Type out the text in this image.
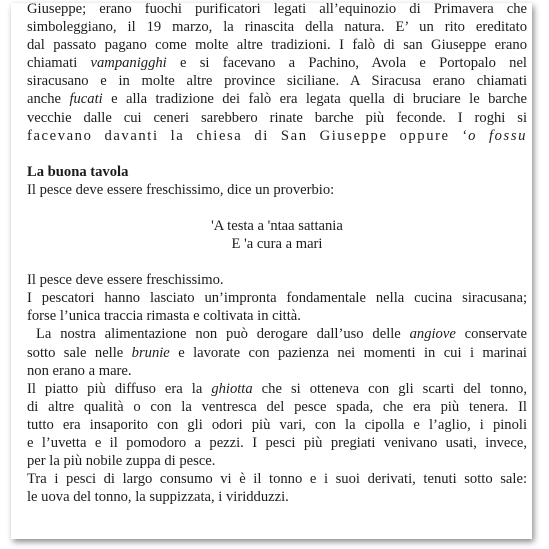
Giuseppe; erano fuochi purificatori legati all’equinozio di Primavera che
simboleggiano, il 19 marzo, la rinascita della natura. E’ un rito ereditato
dal passato pagano come molte altre tradizioni. I falò di san Giuseppe erano
chiamati vampanigghi e si facevano a Pachino, Avola e Portopalo nel
siracusano e in molte altre province siciliane. A Siracusa erano chiamati
anche fucati e alla tradizione dei falò era legata quella di bruciare le barche
vecchie dalle cui ceneri sarebbero rinate barche più feconde. I roghi si
facevano davanti la chiesa di San Giuseppe oppure ‘o fossu
La buona tavola
Il pesce deve essere freschissimo, dice un proverbio:
'A testa a 'ntaa sattania
E 'a cura a mari
Il pesce deve essere freschissimo.
I pescatori hanno lasciato un’impronta fondamentale nella cucina siracusana;
forse l’unica traccia rimasta e coltivata in città.
La nostra alimentazione non può derogare dall’uso delle angiove conservate
sotto sale nelle brunie e lavorate con pazienza nei momenti in cui i marinai
non erano a mare.
Il piatto più diffuso era la ghiotta che si otteneva con gli scarti del tonno,
di altre qualità o con la ventresca del pesce spada, che era più tenera. Il
tutto era insaporito con gli odori più vari, con la cipolla e l’aglio, i pinoli
e l’uvetta e il pomodoro a pezzi. I pesci più pregiati venivano usati, invece,
per la più nobile zuppa di pesce.
Tra i pesci di largo consumo vi è il tonno e i suoi derivati, tenuti sotto sale:
le uova del tonno, la suppizzata, i viridduzzi.
